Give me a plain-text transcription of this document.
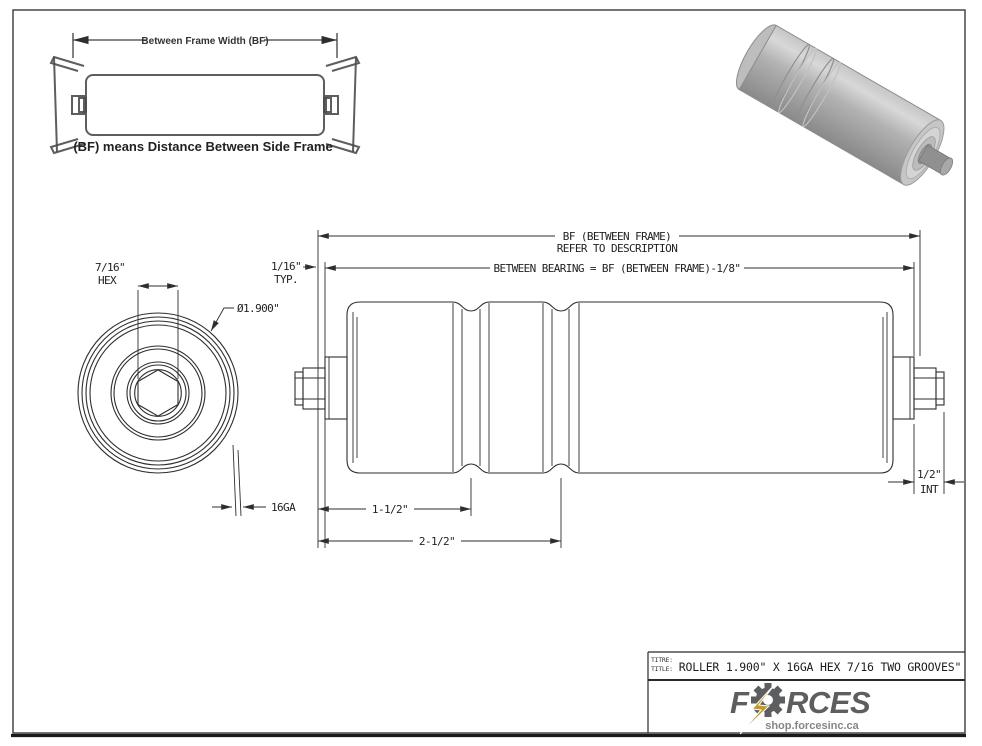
Between Frame Width (BF)
(BF) means Distance Between Side Frame
7/16"
HEX
Ø1.900"
16GA
BF (BETWEEN FRAME)
REFER TO DESCRIPTION
BETWEEN BEARING = BF (BETWEEN FRAME)-1/8"
1/16"
TYP.
1-1/2"
2-1/2"
1/2"
INT
TITRE:
TITLE: ROLLER 1.900" X 16GA HEX 7/16 TWO GROOVES"
F RCES
shop.forcesinc.ca
